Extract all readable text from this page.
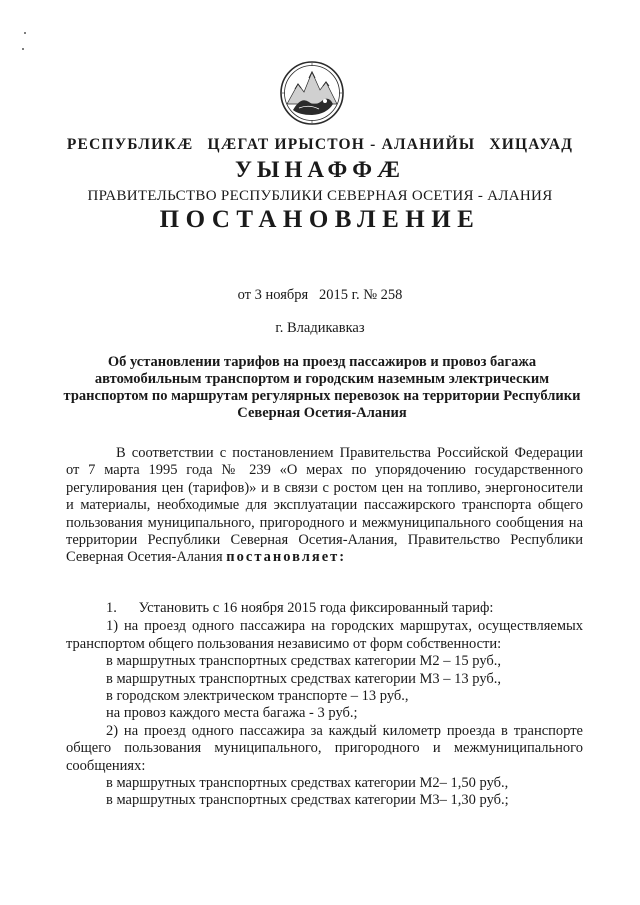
РЕСПУБЛИКӔ ЦӔГАТ ИРЫСТОН - АЛАНИЙЫ ХИЦАУАД
УЫНАФФӔ
ПРАВИТЕЛЬСТВО РЕСПУБЛИКИ СЕВЕРНАЯ ОСЕТИЯ - АЛАНИЯ
ПОСТАНОВЛЕНИЕ
от 3 ноября   2015 г. № 258
г. Владикавказ
Об установлении тарифов на проезд пассажиров и провоз багажа автомобильным транспортом и городским наземным электрическим транспортом по маршрутам регулярных перевозок на территории Республики Северная Осетия-Алания

В соответствии с постановлением Правительства Российской Федерации от 7 марта 1995 года № 239 «О мерах по упорядочению государственного регулирования цен (тарифов)» и в связи с ростом цен на топливо, энергоносители и материалы, необходимые для эксплуатации пассажирского транспорта общего пользования муниципального, пригородного и межмуниципального сообщения на территории Республики Северная Осетия-Алания, Правительство Республики Северная Осетия-Алания постановляет:

1.      Установить с 16 ноября 2015 года фиксированный тариф:

1) на проезд одного пассажира на городских маршрутах, осуществляемых транспортом общего пользования независимо от форм собственности:

в маршрутных транспортных средствах категории М2 – 15 руб.,

в маршрутных транспортных средствах категории М3 – 13 руб.,

в городском электрическом транспорте – 13 руб.,

на провоз каждого места багажа - 3 руб.;

2) на проезд одного пассажира за каждый километр проезда в транспорте общего пользования муниципального, пригородного и межмуниципального сообщениях:

в маршрутных транспортных средствах категории М2– 1,50 руб.,

в маршрутных транспортных средствах категории М3– 1,30 руб.;
